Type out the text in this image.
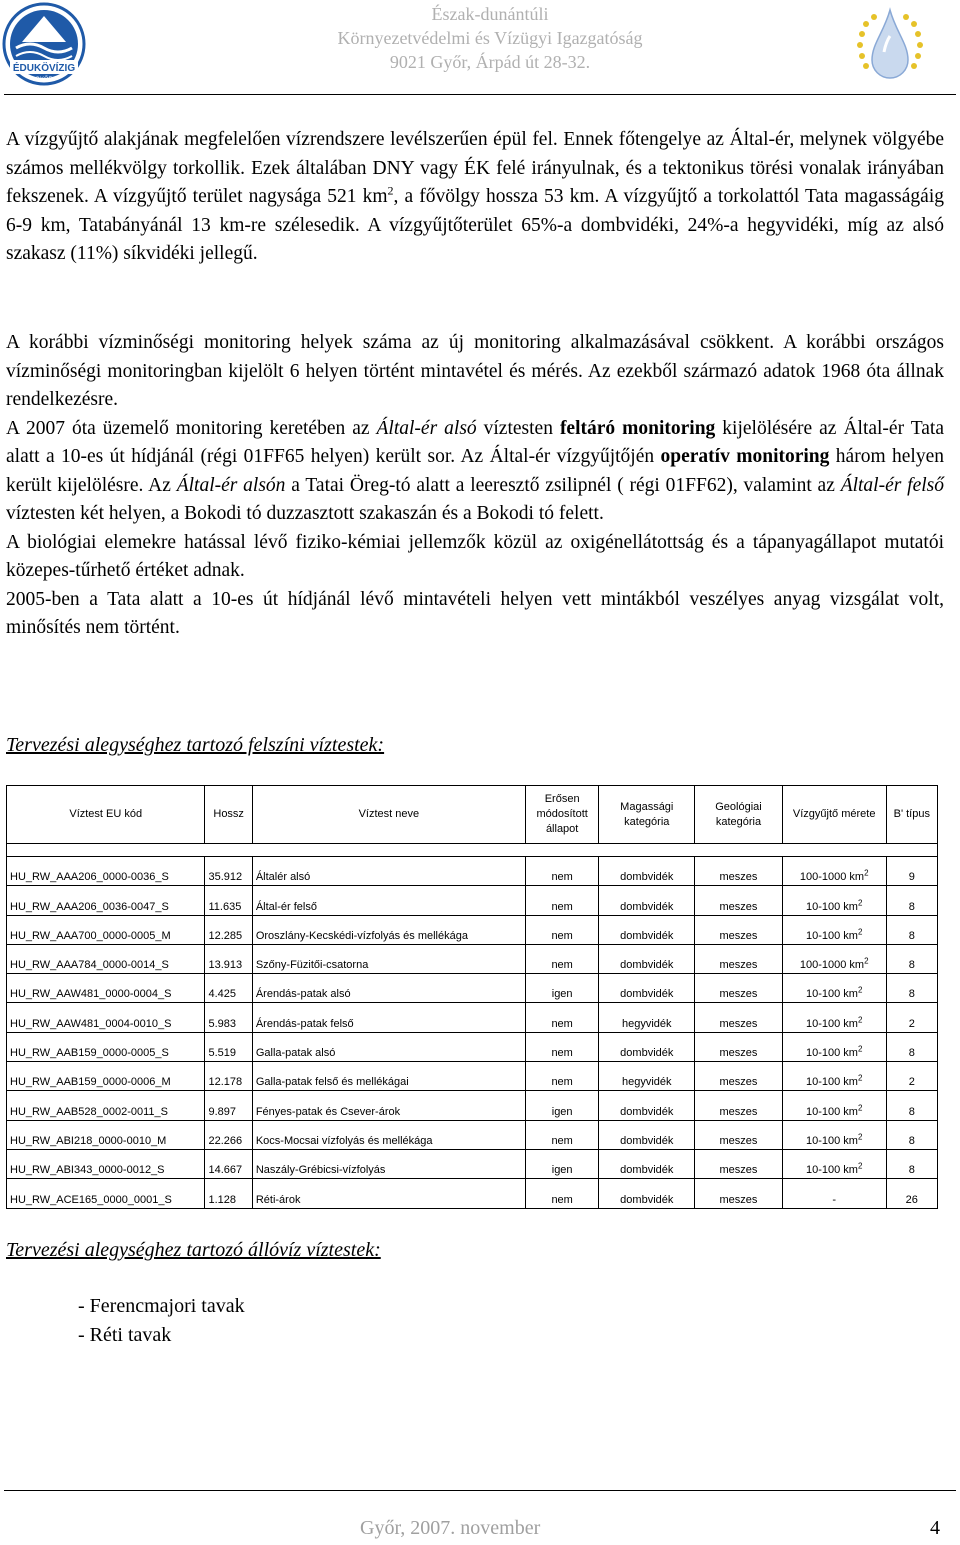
ÉDUKÖVÍZIG
GYŐR
Észak-dunántúli
Környezetvédelmi és Vízügyi Igazgatóság
9021 Győr, Árpád út 28-32.

A vízgyűjtő alakjának megfelelően vízrendszere levélszerűen épül fel. Ennek főtengelye az Által-ér, melynek völgyébe számos mellékvölgy torkollik. Ezek általában DNY vagy ÉK felé irányulnak, és a tektonikus törési vonalak irányában fekszenek. A vízgyűjtő terület nagysága 521 $km^2$, a fővölgy hossza 53 km. A vízgyűjtő a torkolattól Tata magasságáig 6-9 km, Tatabányánál 13 km-re szélesedik. A vízgyűjtőterület 65%-a dombvidéki, 24%-a hegyvidéki, míg az alsó szakasz (11%) síkvidéki jellegű.

A korábbi vízminőségi monitoring helyek száma az új monitoring alkalmazásával csökkent. A korábbi országos vízminőségi monitoringban kijelölt 6 helyen történt mintavétel és mérés. Az ezekből származó adatok 1968 óta állnak rendelkezésre.

A 2007 óta üzemelő monitoring keretében az Által-ér alsó víztesten feltáró monitoring kijelölésére az Által-ér Tata alatt a 10-es út hídjánál (régi 01FF65 helyen) került sor. Az Által-ér vízgyűjtőjén operatív monitoring három helyen került kijelölésre. Az Által-ér alsón a Tatai Öreg-tó alatt a leeresztő zsilipnél ( régi 01FF62), valamint az Által-ér felső víztesten két helyen, a Bokodi tó duzzasztott szakaszán és a Bokodi tó felett.

A biológiai elemekre hatással lévő fiziko-kémiai jellemzők közül az oxigénellátottság és a tápanyagállapot mutatói közepes-tűrhető értéket adnak.

2005-ben a Tata alatt a 10-es út hídjánál lévő mintavételi helyen vett mintákból veszélyes anyag vizsgálat volt, minősítés nem történt.

Tervezési alegységhez tartozó felszíni víztestek:
Víztest EU kód	Hossz	Víztest neve	Erősen módosított állapot	Magassági kategória	Geológiai kategória	Vízgyűjtő mérete	B' típus

HU_RW_AAA206_0000-0036_S	35.912	Általér alsó	nem	dombvidék	meszes	100-1000 $km^2$	9
HU_RW_AAA206_0036-0047_S	11.635	Által-ér felső	nem	dombvidék	meszes	10-100 $km^2$	8
HU_RW_AAA700_0000-0005_M	12.285	Oroszlány-Kecskédi-vízfolyás és mellékága	nem	dombvidék	meszes	10-100 $km^2$	8
HU_RW_AAA784_0000-0014_S	13.913	Szőny-Füzitői-csatorna	nem	dombvidék	meszes	100-1000 $km^2$	8
HU_RW_AAW481_0000-0004_S	4.425	Árendás-patak alsó	igen	dombvidék	meszes	10-100 $km^2$	8
HU_RW_AAW481_0004-0010_S	5.983	Árendás-patak felső	nem	hegyvidék	meszes	10-100 $km^2$	2
HU_RW_AAB159_0000-0005_S	5.519	Galla-patak alsó	nem	dombvidék	meszes	10-100 $km^2$	8
HU_RW_AAB159_0000-0006_M	12.178	Galla-patak felső és mellékágai	nem	hegyvidék	meszes	10-100 $km^2$	2
HU_RW_AAB528_0002-0011_S	9.897	Fényes-patak és Csever-árok	igen	dombvidék	meszes	10-100 $km^2$	8
HU_RW_ABI218_0000-0010_M	22.266	Kocs-Mocsai vízfolyás és mellékága	nem	dombvidék	meszes	10-100 $km^2$	8
HU_RW_ABI343_0000-0012_S	14.667	Naszály-Grébicsi-vízfolyás	igen	dombvidék	meszes	10-100 $km^2$	8
HU_RW_ACE165_0000_0001_S	1.128	Réti-árok	nem	dombvidék	meszes	-	26
Tervezési alegységhez tartozó állóvíz víztestek:
- Ferencmajori tavak
- Réti tavak
Győr, 2007. november	4
